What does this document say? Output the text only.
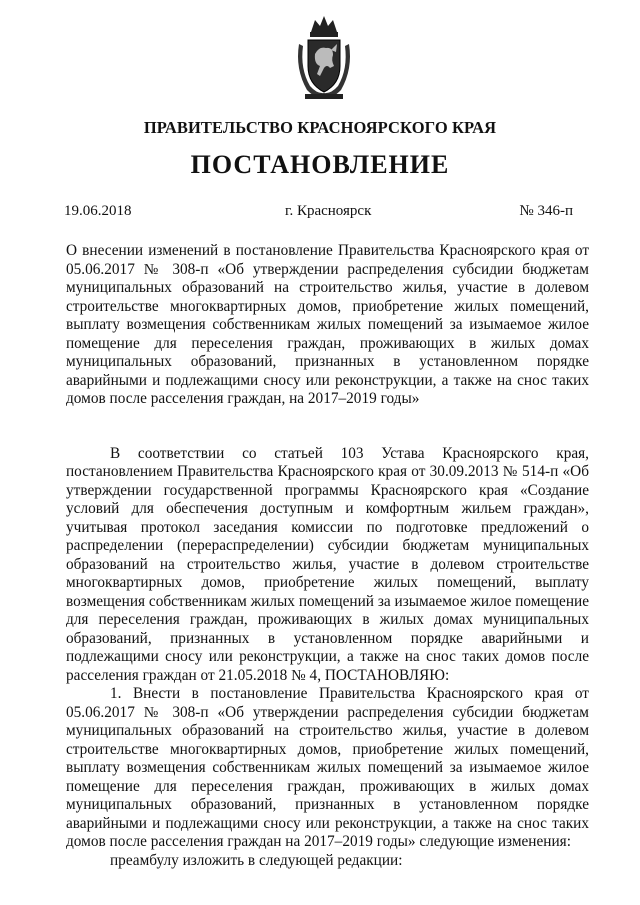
ПРАВИТЕЛЬСТВО КРАСНОЯРСКОГО КРАЯ
ПОСТАНОВЛЕНИЕ
19.06.2018	г. Красноярск	№ 346-п

О внесении изменений в постановление Правительства Красноярского края от 05.06.2017 № 308-п «Об утверждении распределения субсидии бюджетам муниципальных образований на строительство жилья, участие в долевом строительстве многоквартирных домов, приобретение жилых помещений, выплату возмещения собственникам жилых помещений за изымаемое жилое помещение для переселения граждан, проживающих в жилых домах муниципальных образований, признанных в установленном порядке аварийными и подлежащими сносу или реконструкции, а также на снос таких домов после расселения граждан, на 2017–2019 годы»

В соответствии со статьей 103 Устава Красноярского края, постановлением Правительства Красноярского края от 30.09.2013 № 514-п «Об утверждении государственной программы Красноярского края «Создание условий для обеспечения доступным и комфортным жильем граждан», учитывая протокол заседания комиссии по подготовке предложений о распределении (перераспределении) субсидии бюджетам муниципальных образований на строительство жилья, участие в долевом строительстве многоквартирных домов, приобретение жилых помещений, выплату возмещения собственникам жилых помещений за изымаемое жилое помещение для переселения граждан, проживающих в жилых домах муниципальных образований, признанных в установленном порядке аварийными и подлежащими сносу или реконструкции, а также на снос таких домов после расселения граждан от 21.05.2018 № 4, ПОСТАНОВЛЯЮ:

1. Внести в постановление Правительства Красноярского края от 05.06.2017 № 308-п «Об утверждении распределения субсидии бюджетам муниципальных образований на строительство жилья, участие в долевом строительстве многоквартирных домов, приобретение жилых помещений, выплату возмещения собственникам жилых помещений за изымаемое жилое помещение для переселения граждан, проживающих в жилых домах муниципальных образований, признанных в установленном порядке аварийными и подлежащими сносу или реконструкции, а также на снос таких домов после расселения граждан на 2017–2019 годы» следующие изменения:

преамбулу изложить в следующей редакции:
